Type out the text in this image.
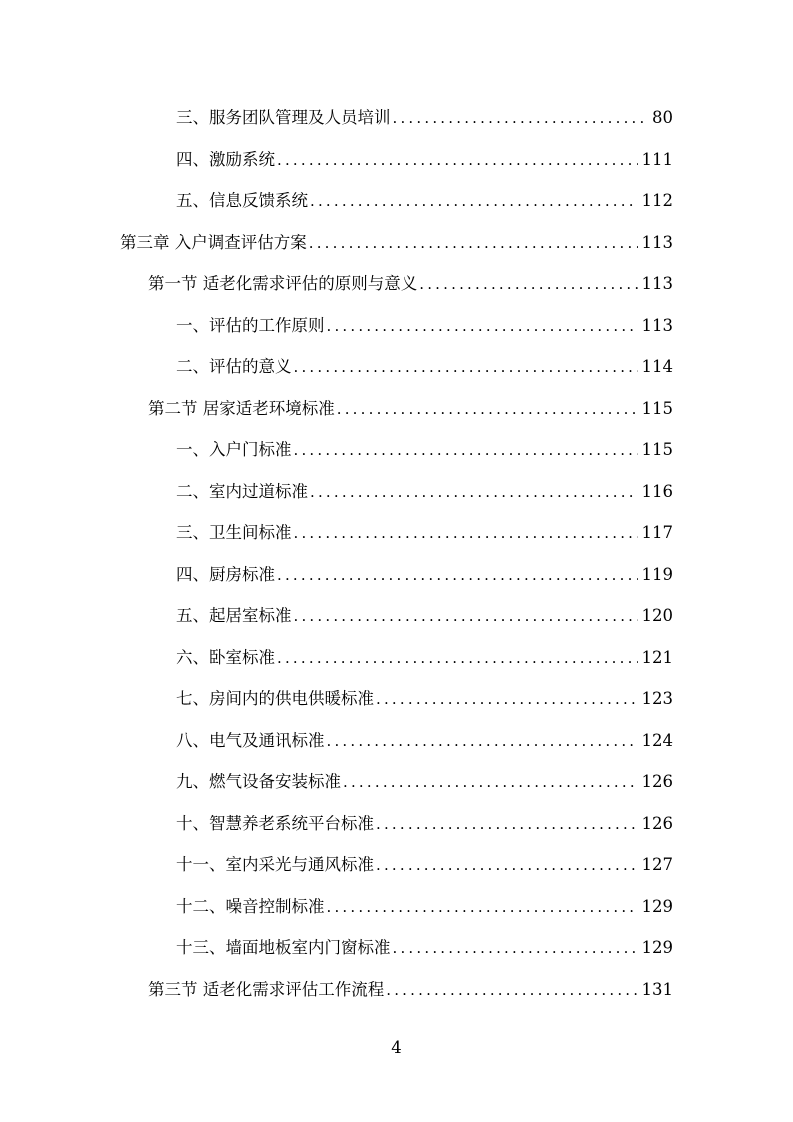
三、服务团队管理及人员培训 .....	80
四、激励系统 .....	111
五、信息反馈系统 .....	112
第三章 入户调查评估方案 .....	113
第一节 适老化需求评估的原则与意义 .....	113
一、评估的工作原则 .....	113
二、评估的意义 .....	114
第二节 居家适老环境标准 .....	115
一、入户门标准 .....	115
二、室内过道标准 .....	116
三、卫生间标准 .....	117
四、厨房标准 .....	119
五、起居室标准 .....	120
六、卧室标准 .....	121
七、房间内的供电供暖标准 .....	123
八、电气及通讯标准 .....	124
九、燃气设备安装标准 .....	126
十、智慧养老系统平台标准 .....	126
十一、室内采光与通风标准 .....	127
十二、噪音控制标准 .....	129
十三、墙面地板室内门窗标准 .....	129
第三节 适老化需求评估工作流程 .....	131
4
